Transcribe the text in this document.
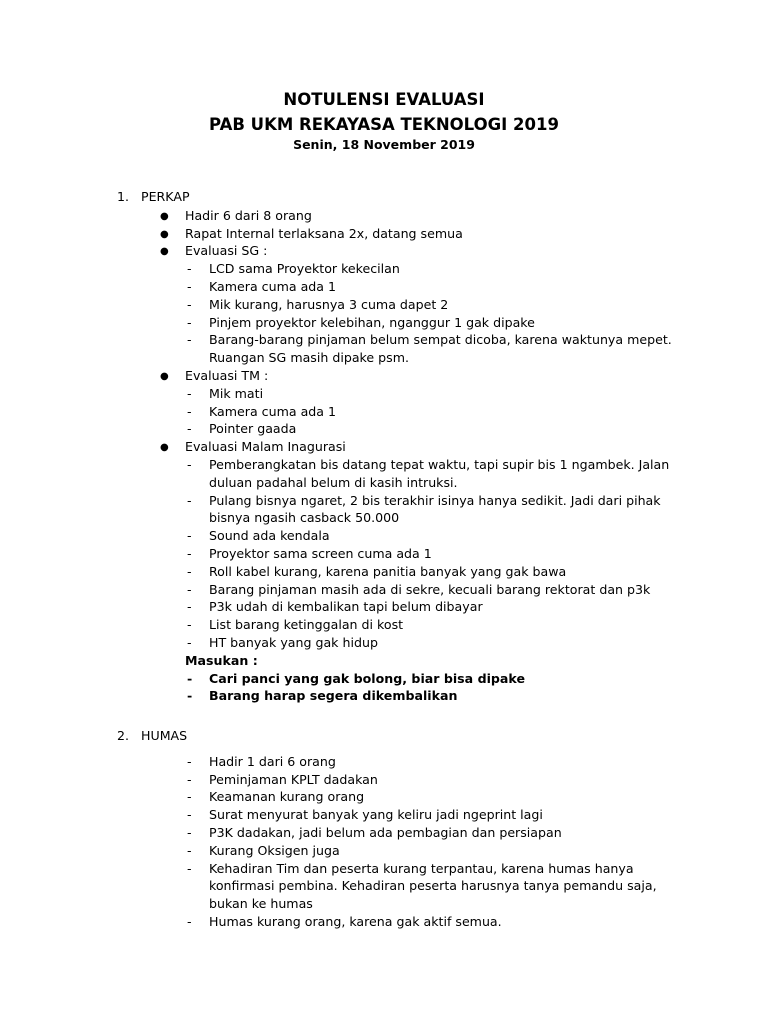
NOTULENSI EVALUASI
PAB UKM REKAYASA TEKNOLOGI 2019
Senin, 18 November 2019
1. PERKAP
● Hadir 6 dari 8 orang
● Rapat Internal terlaksana 2x, datang semua
● Evaluasi SG :
- LCD sama Proyektor kekecilan
- Kamera cuma ada 1
- Mik kurang, harusnya 3 cuma dapet 2
- Pinjem proyektor kelebihan, nganggur 1 gak dipake
- Barang-barang pinjaman belum sempat dicoba, karena waktunya mepet.
Ruangan SG masih dipake psm.
● Evaluasi TM :
- Mik mati
- Kamera cuma ada 1
- Pointer gaada
● Evaluasi Malam Inagurasi
- Pemberangkatan bis datang tepat waktu, tapi supir bis 1 ngambek. Jalan
duluan padahal belum di kasih intruksi.
- Pulang bisnya ngaret, 2 bis terakhir isinya hanya sedikit. Jadi dari pihak
bisnya ngasih casback 50.000
- Sound ada kendala
- Proyektor sama screen cuma ada 1
- Roll kabel kurang, karena panitia banyak yang gak bawa
- Barang pinjaman masih ada di sekre, kecuali barang rektorat dan p3k
- P3k udah di kembalikan tapi belum dibayar
- List barang ketinggalan di kost
- HT banyak yang gak hidup
Masukan :
- Cari panci yang gak bolong, biar bisa dipake
- Barang harap segera dikembalikan
2. HUMAS
- Hadir 1 dari 6 orang
- Peminjaman KPLT dadakan
- Keamanan kurang orang
- Surat menyurat banyak yang keliru jadi ngeprint lagi
- P3K dadakan, jadi belum ada pembagian dan persiapan
- Kurang Oksigen juga
- Kehadiran Tim dan peserta kurang terpantau, karena humas hanya
konfirmasi pembina. Kehadiran peserta harusnya tanya pemandu saja,
bukan ke humas
- Humas kurang orang, karena gak aktif semua.
